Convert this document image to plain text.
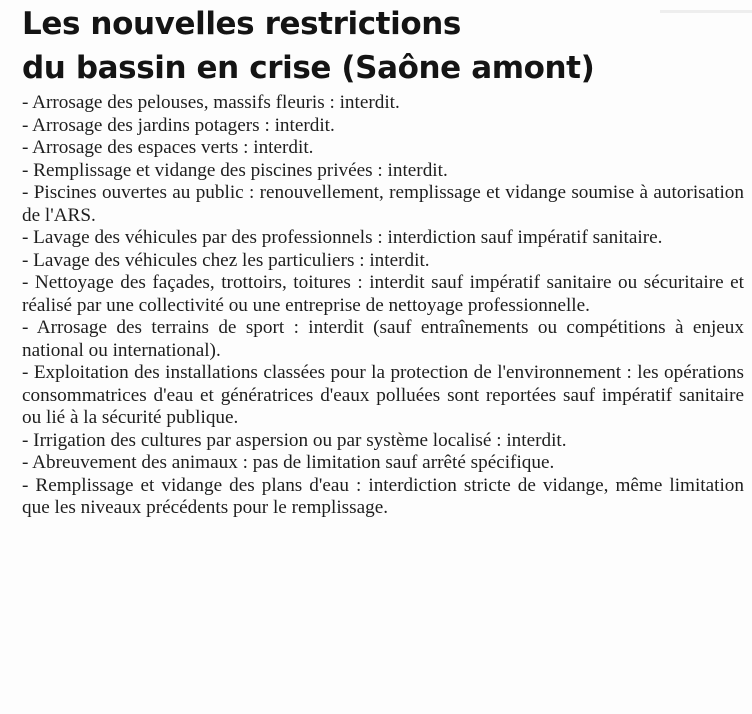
Les nouvelles restrictions
du bassin en crise (Saône amont)
- Arrosage des pelouses, massifs fleuris : interdit.
- Arrosage des jardins potagers : interdit.
- Arrosage des espaces verts : interdit.
- Remplissage et vidange des piscines privées : interdit.
- Piscines ouvertes au public : renouvellement, remplissage et vidange soumise à autorisation de l'ARS.
- Lavage des véhicules par des professionnels : interdiction sauf impératif sanitaire.
- Lavage des véhicules chez les particuliers : interdit.
- Nettoyage des façades, trottoirs, toitures : interdit sauf impératif sanitaire ou sécuritaire et réalisé par une collectivité ou une entreprise de nettoyage professionnelle.
- Arrosage des terrains de sport : interdit (sauf entraînements ou compétitions à enjeux national ou international).
- Exploitation des installations classées pour la protection de l'environnement : les opérations consommatrices d'eau et génératrices d'eaux polluées sont reportées sauf impératif sanitaire ou lié à la sécurité publique.
- Irrigation des cultures par aspersion ou par système localisé : interdit.
- Abreuvement des animaux : pas de limitation sauf arrêté spécifique.
- Remplissage et vidange des plans d'eau : interdiction stricte de vidange, même limitation que les niveaux précédents pour le remplissage.
